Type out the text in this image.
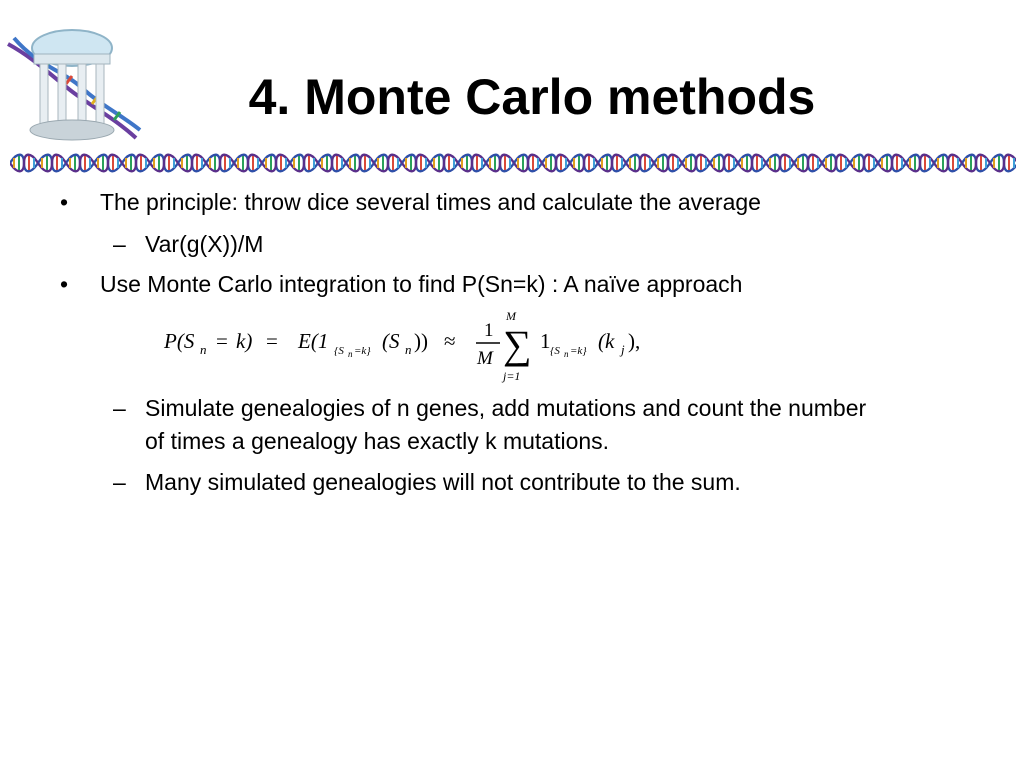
4. Monte Carlo methods
• The principle: throw dice several times and calculate the average
– Var(g(X))/M
• Use Monte Carlo integration to find P(Sn=k) : A naïve approach
P(S n = k) = E(1 {S n =k} (S n )) ≈ 1
M
M
∑
j=1
1 {S n =k} (k j ),
– Simulate genealogies of n genes, add mutations and count the number
of times a genealogy has exactly k mutations.
– Many simulated genealogies will not contribute to the sum.
